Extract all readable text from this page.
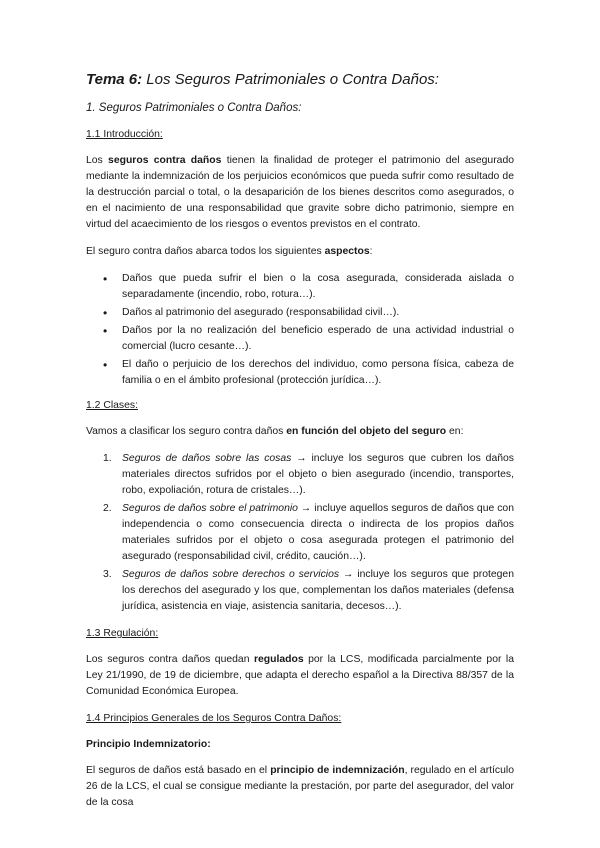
Tema 6: Los Seguros Patrimoniales o Contra Daños:
1. Seguros Patrimoniales o Contra Daños:
1.1 Introducción:

Los seguros contra daños tienen la finalidad de proteger el patrimonio del asegurado mediante la indemnización de los perjuicios económicos que pueda sufrir como resultado de la destrucción parcial o total, o la desaparición de los bienes descritos como asegurados, o en el nacimiento de una responsabilidad que gravite sobre dicho patrimonio, siempre en virtud del acaecimiento de los riesgos o eventos previstos en el contrato.

El seguro contra daños abarca todos los siguientes aspectos:

• Daños que pueda sufrir el bien o la cosa asegurada, considerada aislada o separadamente (incendio, robo, rotura…).
• Daños al patrimonio del asegurado (responsabilidad civil…).
• Daños por la no realización del beneficio esperado de una actividad industrial o comercial (lucro cesante…).
• El daño o perjuicio de los derechos del individuo, como persona física, cabeza de familia o en el ámbito profesional (protección jurídica…).
1.2 Clases:

Vamos a clasificar los seguro contra daños en función del objeto del seguro en:

1. Seguros de daños sobre las cosas → incluye los seguros que cubren los daños materiales directos sufridos por el objeto o bien asegurado (incendio, transportes, robo, expoliación, rotura de cristales…).
2. Seguros de daños sobre el patrimonio → incluye aquellos seguros de daños que con independencia o como consecuencia directa o indirecta de los propios daños materiales sufridos por el objeto o cosa asegurada protegen el patrimonio del asegurado (responsabilidad civil, crédito, caución…).
3. Seguros de daños sobre derechos o servicios → incluye los seguros que protegen los derechos del asegurado y los que, complementan los daños materiales (defensa jurídica, asistencia en viaje, asistencia sanitaria, decesos…).
1.3 Regulación:

Los seguros contra daños quedan regulados por la LCS, modificada parcialmente por la Ley 21/1990, de 19 de diciembre, que adapta el derecho español a la Directiva 88/357 de la Comunidad Económica Europea.

1.4 Principios Generales de los Seguros Contra Daños:
Principio Indemnizatorio:

El seguros de daños está basado en el principio de indemnización, regulado en el artículo 26 de la LCS, el cual se consigue mediante la prestación, por parte del asegurador, del valor de la cosa
